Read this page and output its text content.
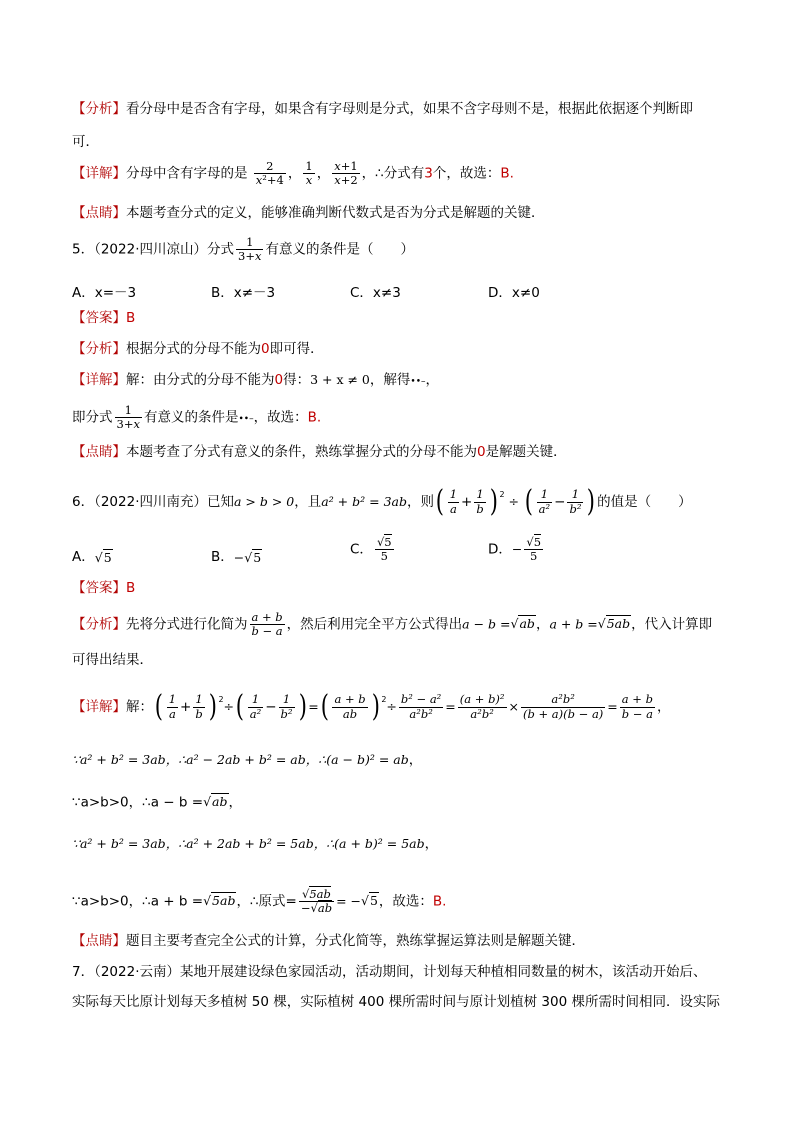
【分析】看分母中是否含有字母，如果含有字母则是分式，如果不含字母则不是，根据此依据逐个判断即
可．
【详解】分母中含有字母的是 $\frac{2}{\text{x²+4}}$ ， $\frac{1}{x}$ ， $\frac{x+1}{x+2}$ ，∴分式有3个，故选：B.
【点睛】本题考查分式的定义，能够准确判断代数式是否为分式是解题的关键．
5．（2022·四川凉山）分式 $\frac{1}{3+x}$ 有意义的条件是（　　）
A．x=－3	B．x≠－3	C．x≠3	D．x≠0
【答案】B
【分析】根据分式的分母不能为0即可得．
【详解】解：由分式的分母不能为0得：3 + x ≠ 0，解得••–，
即分式 $\frac{1}{3+x}$ 有意义的条件是••–，故选：B.
【点睛】本题考查了分式有意义的条件，熟练掌握分式的分母不能为0是解题关键．
6．（2022·四川南充）已知a > b > 0，且a² + b² = 3ab，则( $\frac{1}{a} + \frac{1}{b}$ ) $^2$ ÷ ( $\frac{1}{\text{a²}} - \frac{1}{\text{b²}}$ ) 的值是（　　）
A．√5	B．−√5	C． $\frac{√5}{5}$	D．− $\frac{√5}{5}$
【答案】B
【分析】先将分式进行化简为 $\frac{a + b}{b - a}$ ，然后利用完全平方公式得出a − b =√ab，a + b =√5ab，代入计算即
可得出结果．
【详解】解：( $\frac{1}{a} + \frac{1}{b}$ ) $^2\div( \frac{1}{\text{a²}} - \frac{1}{\text{b²}}$ ) =( $\frac{a + b}{ab}$ ) $^2\div \frac{\text{b² − a²}}{\text{a²b²}} = \frac{\text{(a + b)²}}{\text{a²b²}} \times \frac{\text{a²b²}}{(b + a)(b - a)} = \frac{a + b}{b - a}$ ，
∵a² + b² = 3ab，∴a² − 2ab + b² = ab，∴(a − b)² = ab，
∵a>b>0，∴a − b =√ab，
∵a² + b² = 3ab，∴a² + 2ab + b² = 5ab，∴(a + b)² = 5ab，
∵a>b>0，∴a + b =√5ab，∴原式= $\frac{√5ab}{-√ab} = -√5$，故选：B.
【点睛】题目主要考查完全公式的计算，分式化简等，熟练掌握运算法则是解题关键．
7．（2022·云南）某地开展建设绿色家园活动，活动期间，计划每天种植相同数量的树木，该活动开始后、
实际每天比原计划每天多植树 50 棵，实际植树 400 棵所需时间与原计划植树 300 棵所需时间相同．设实际
